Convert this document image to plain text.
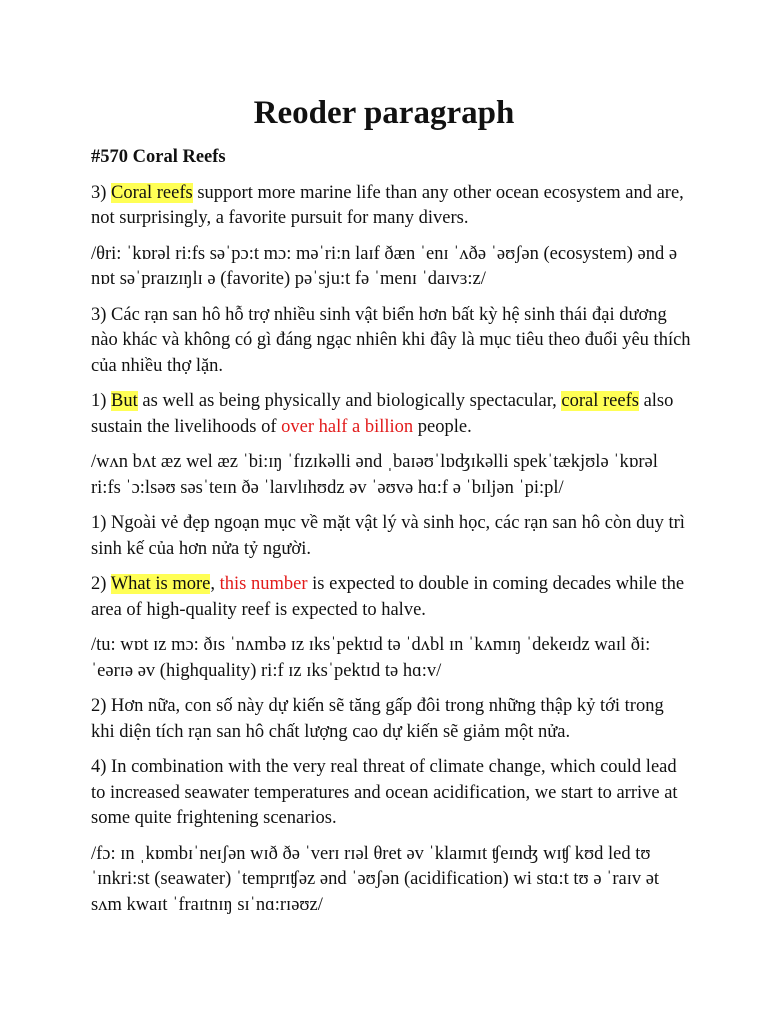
Reoder paragraph

#570 Coral Reefs

3) Coral reefs support more marine life than any other ocean ecosystem and are, not surprisingly, a favorite pursuit for many divers.

/θri: ˈkɒrəl ri:fs səˈpɔ:t mɔ: məˈri:n laɪf ðæn ˈenɪ ˈʌðə ˈəʊʃən (ecosystem) ənd ə nɒt səˈpraɪzɪŋlɪ ə (favorite) pəˈsju:t fə ˈmenɪ ˈdaɪvɜ:z/

3) Các rạn san hô hỗ trợ nhiều sinh vật biển hơn bất kỳ hệ sinh thái đại dương nào khác và không có gì đáng ngạc nhiên khi đây là mục tiêu theo đuổi yêu thích của nhiều thợ lặn.

1) But as well as being physically and biologically spectacular, coral reefs also sustain the livelihoods of over half a billion people.

/wʌn bʌt æz wel æz ˈbi:ɪŋ ˈfɪzɪkəlli ənd ˌbaɪəʊˈlɒʤɪkəlli spekˈtækjʊlə ˈkɒrəl ri:fs ˈɔ:lsəʊ səsˈteɪn ðə ˈlaɪvlɪhʊdz əv ˈəʊvə hɑ:f ə ˈbɪljən ˈpi:pl/

1) Ngoài vẻ đẹp ngoạn mục về mặt vật lý và sinh học, các rạn san hô còn duy trì sinh kế của hơn nửa tỷ người.

2) What is more, this number is expected to double in coming decades while the area of high-quality reef is expected to halve.

/tu: wɒt ɪz mɔ: ðɪs ˈnʌmbə ɪz ɪksˈpektɪd tə ˈdʌbl ɪn ˈkʌmɪŋ ˈdekeɪdz waɪl ði: ˈeərɪə əv (highquality) ri:f ɪz ɪksˈpektɪd tə hɑ:v/

2) Hơn nữa, con số này dự kiến sẽ tăng gấp đôi trong những thập kỷ tới trong khi diện tích rạn san hô chất lượng cao dự kiến sẽ giảm một nửa.

4) In combination with the very real threat of climate change, which could lead to increased seawater temperatures and ocean acidification, we start to arrive at some quite frightening scenarios.

/fɔ: ɪn ˌkɒmbɪˈneɪʃən wɪð ðə ˈverɪ rɪəl θret əv ˈklaɪmɪt ʧeɪnʤ wɪʧ kʊd led tʊ ˈɪnkri:st (seawater) ˈtemprɪʧəz ənd ˈəʊʃən (acidification) wi stɑ:t tʊ ə ˈraɪv ət sʌm kwaɪt ˈfraɪtnɪŋ sɪˈnɑ:rɪəʊz/
